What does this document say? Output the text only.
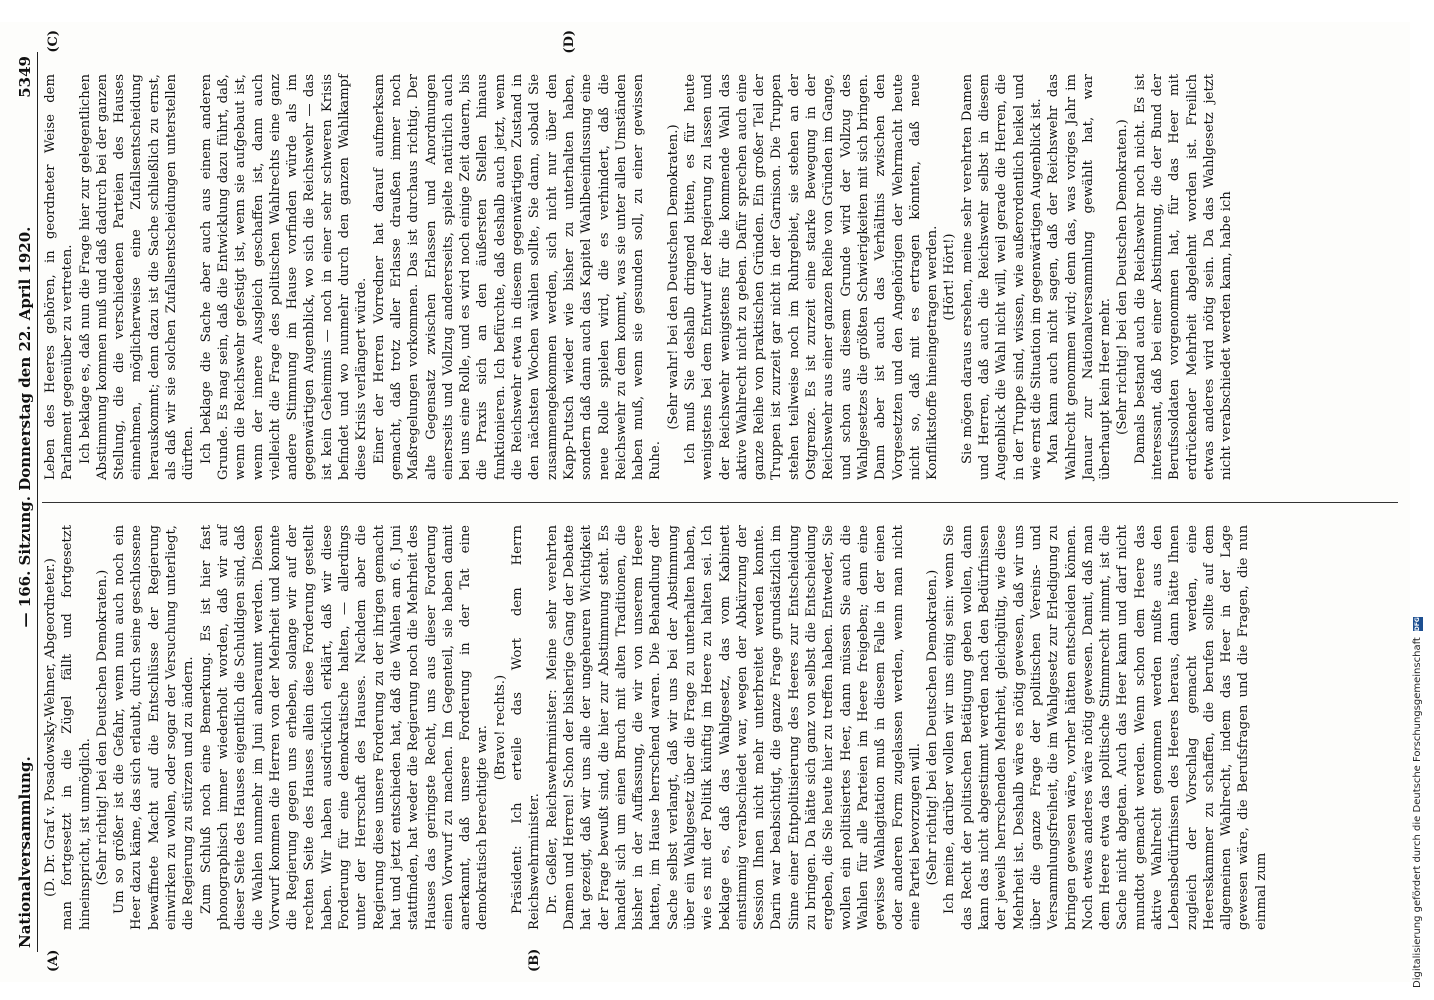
Nationalversammlung.
— 166. Sitzung. Donnerstag den 22. April 1920.
5349
(A)	(B)

(D. Dr. Graf v. Posadowsky-Wehner, Abgeordneter.) man fortgesetzt in die Zügel fällt und fortgesetzt hineinspricht, ist unmöglich. (Sehr richtig! bei den Deutschen Demokraten.) Um so größer ist die Gefahr, wenn nun auch noch ein Heer dazu käme, das sich erlaubt, durch seine geschlossene bewaffnete Macht auf die Entschlüsse der Regierung einwirken zu wollen, oder sogar der Versuchung unterliegt, die Regierung zu stürzen und zu ändern. Zum Schluß noch eine Bemerkung. Es ist hier fast phonographisch immer wiederholt worden, daß wir auf dieser Seite des Hauses eigentlich die Schuldigen sind, daß die Wahlen nunmehr im Juni anberaumt werden. Diesen Vorwurf kommen die Herren von der Mehrheit und konnte die Regierung gegen uns erheben, solange wir auf der rechten Seite des Hauses allein diese Forderung gestellt haben. Wir haben ausdrücklich erklärt, daß wir diese Forderung für eine demokratische halten, — allerdings unter der Herrschaft des Hauses. Nachdem aber die Regierung diese unsere Forderung zu der ihrigen gemacht hat und jetzt entschieden hat, daß die Wahlen am 6. Juni stattfinden, hat weder die Regierung noch die Mehrheit des Hauses das geringste Recht, uns aus dieser Forderung einen Vorwurf zu machen. Im Gegenteil, sie haben damit anerkannt, daß unsere Forderung in der Tat eine demokratisch berechtigte war. (Bravo! rechts.) Präsident: Ich erteile das Wort dem Herrn Reichswehrminister. Dr. Geßler, Reichswehrminister: Meine sehr verehrten Damen und Herren! Schon der bisherige Gang der Debatte hat gezeigt, daß wir uns alle der ungeheuren Wichtigkeit der Frage bewußt sind, die hier zur Abstimmung steht. Es handelt sich um einen Bruch mit alten Traditionen, die bisher in der Auffassung, die wir von unserem Heere hatten, im Hause herrschend waren. Die Behandlung der Sache selbst verlangt, daß wir uns bei der Abstimmung über ein Wahlgesetz über die Frage zu unterhalten haben, wie es mit der Politik künftig im Heere zu halten sei. Ich beklage es, daß das Wahlgesetz, das vom Kabinett einstimmig verabschiedet war, wegen der Abkürzung der Session Ihnen nicht mehr unterbreitet werden konnte. Darin war beabsichtigt, die ganze Frage grundsätzlich im Sinne einer Entpolitisierung des Heeres zur Entscheidung zu bringen. Da hätte sich ganz von selbst die Entscheidung ergeben, die Sie heute hier zu treffen haben. Entweder, Sie wollen ein politisiertes Heer, dann müssen Sie auch die Wahlen für alle Parteien im Heere freigeben; denn eine gewisse Wahlagitation muß in diesem Falle in der einen oder anderen Form zugelassen werden, wenn man nicht eine Partei bevorzugen will. (Sehr richtig! bei den Deutschen Demokraten.) Ich meine, darüber wollen wir uns einig sein: wenn Sie das Recht der politischen Betätigung geben wollen, dann kann das nicht abgestimmt werden nach den Bedürfnissen der jeweils herrschenden Mehrheit, gleichgültig, wie diese Mehrheit ist. Deshalb wäre es nötig gewesen, daß wir uns über die ganze Frage der politischen Vereins- und Versammlungsfreiheit, die im Wahlgesetz zur Erledigung zu bringen gewesen wäre, vorher hätten entscheiden können. Noch etwas anderes wäre nötig gewesen. Damit, daß man dem Heere etwa das politische Stimmrecht nimmt, ist die Sache nicht abgetan. Auch das Heer kann und darf nicht mundtot gemacht werden. Wenn schon dem Heere das aktive Wahlrecht genommen werden mußte aus den Lebensbedürfnissen des Heeres heraus, dann hätte Ihnen zugleich der Vorschlag gemacht werden, eine Heereskammer zu schaffen, die berufen sollte auf dem allgemeinen Wahlrecht, indem das Heer in der Lage gewesen wäre, die Berufsfragen und die Fragen, die nun einmal zum

(C)	(D)

Leben des Heeres gehören, in geordneter Weise dem Parlament gegenüber zu vertreten. Ich beklage es, daß nun die Frage hier zur gelegentlichen Abstimmung kommen muß und daß dadurch bei der ganzen Stellung, die die verschiedenen Parteien des Hauses einnehmen, möglicherweise eine Zufallsentscheidung herauskommt; denn dazu ist die Sache schließlich zu ernst, als daß wir sie solchen Zufallsentscheidungen unterstellen dürften. Ich beklage die Sache aber auch aus einem anderen Grunde. Es mag sein, daß die Entwicklung dazu führt, daß, wenn die Reichswehr gefestigt ist, wenn sie aufgebaut ist, wenn der innere Ausgleich geschaffen ist, dann auch vielleicht die Frage des politischen Wahlrechts eine ganz andere Stimmung im Hause vorfinden würde als im gegenwärtigen Augenblick, wo sich die Reichswehr — das ist kein Geheimnis — noch in einer sehr schweren Krisis befindet und wo nunmehr durch den ganzen Wahlkampf diese Krisis verlängert würde. Einer der Herren Vorredner hat darauf aufmerksam gemacht, daß trotz aller Erlasse draußen immer noch Maßregelungen vorkommen. Das ist durchaus richtig. Der alte Gegensatz zwischen Erlassen und Anordnungen einerseits und Vollzug andererseits, spielte natürlich auch bei uns eine Rolle, und es wird noch einige Zeit dauern, bis die Praxis sich an den äußersten Stellen hinaus funktionieren. Ich befürchte, daß deshalb auch jetzt, wenn die Reichswehr etwa in diesem gegenwärtigen Zustand in den nächsten Wochen wählen sollte, Sie dann, sobald Sie zusammengekommen werden, sich nicht nur über den Kapp-Putsch wieder wie bisher zu unterhalten haben, sondern daß dann auch das Kapitel Wahlbeeinflussung eine neue Rolle spielen wird, die es verhindert, daß die Reichswehr zu dem kommt, was sie unter allen Umständen haben muß, wenn sie gesunden soll, zu einer gewissen Ruhe.

(Sehr wahr! bei den Deutschen Demokraten.) Ich muß Sie deshalb dringend bitten, es für heute wenigstens bei dem Entwurf der Regierung zu lassen und der Reichswehr wenigstens für die kommende Wahl das aktive Wahlrecht nicht zu geben. Dafür sprechen auch eine ganze Reihe von praktischen Gründen. Ein großer Teil der Truppen ist zurzeit gar nicht in der Garnison. Die Truppen stehen teilweise noch im Ruhrgebiet, sie stehen an der Ostgrenze. Es ist zurzeit eine starke Bewegung in der Reichswehr aus einer ganzen Reihe von Gründen im Gange, und schon aus diesem Grunde wird der Vollzug des Wahlgesetzes die größten Schwierigkeiten mit sich bringen. Dann aber ist auch das Verhältnis zwischen den Vorgesetzten und den Angehörigen der Wehrmacht heute nicht so, daß mit es ertragen könnten, daß neue Konfliktstoffe hineingetragen werden. (Hört! Hört!) Sie mögen daraus ersehen, meine sehr verehrten Damen und Herren, daß auch die Reichswehr selbst in diesem Augenblick die Wahl nicht will, weil gerade die Herren, die in der Truppe sind, wissen, wie außerordentlich heikel und wie ernst die Situation im gegenwärtigen Augenblick ist. Man kann auch nicht sagen, daß der Reichswehr das Wahlrecht genommen wird; denn das, was voriges Jahr im Januar zur Nationalversammlung gewählt hat, war überhaupt kein Heer mehr. (Sehr richtig! bei den Deutschen Demokraten.) Damals bestand auch die Reichswehr noch nicht. Es ist interessant, daß bei einer Abstimmung, die der Bund der Berufssoldaten vorgenommen hat, für das Heer mit erdrückender Mehrheit abgelehnt worden ist. Freilich etwas anderes wird nötig sein. Da das Wahlgesetz jetzt nicht verabschiedet werden kann, habe ich

Digitalisierung gefördert durch die Deutsche Forschungsgemeinschaft
DFG
